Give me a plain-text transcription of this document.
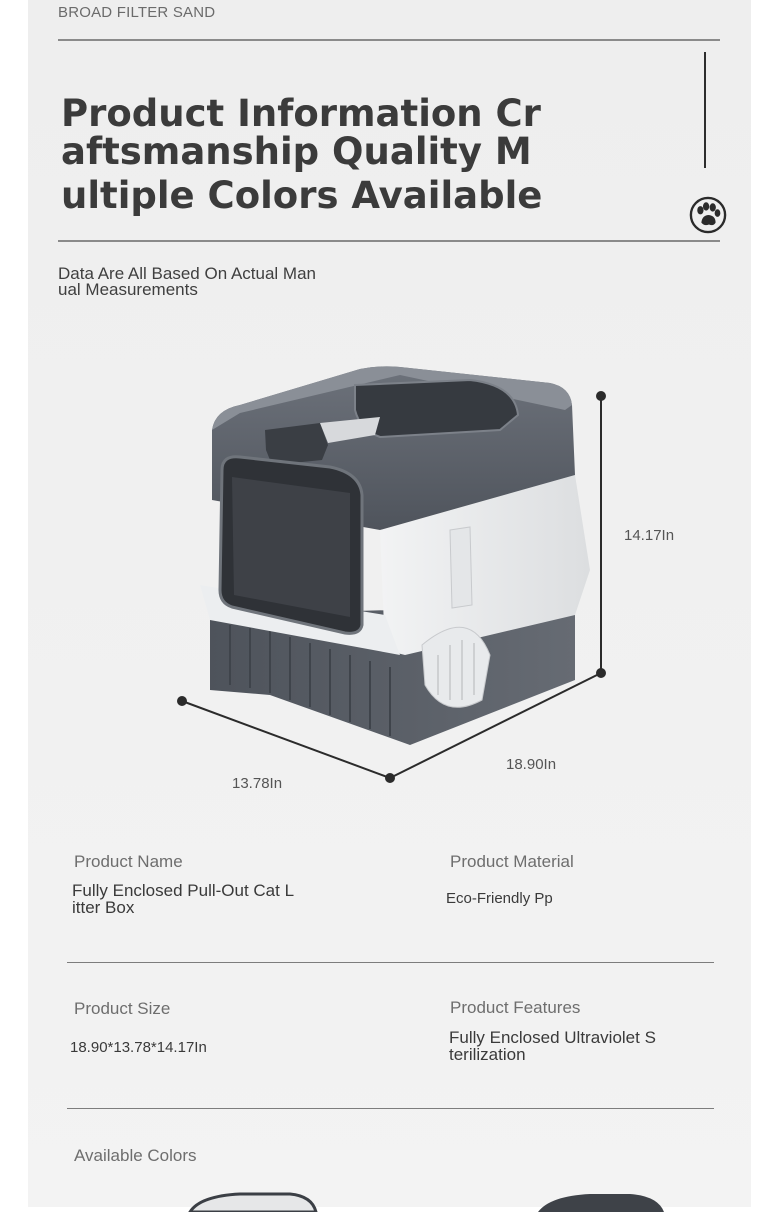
BROAD FILTER SAND
Product Information Cr
aftsmanship Quality M
ultiple Colors Available
Data Are All Based On Actual Man
ual Measurements
14.17In
18.90In
13.78In
Product Name
Fully Enclosed Pull-Out Cat L
itter Box
Product Material
Eco-Friendly Pp
Product Size
18.90*13.78*14.17In
Product Features
Fully Enclosed Ultraviolet S
terilization
Available Colors
